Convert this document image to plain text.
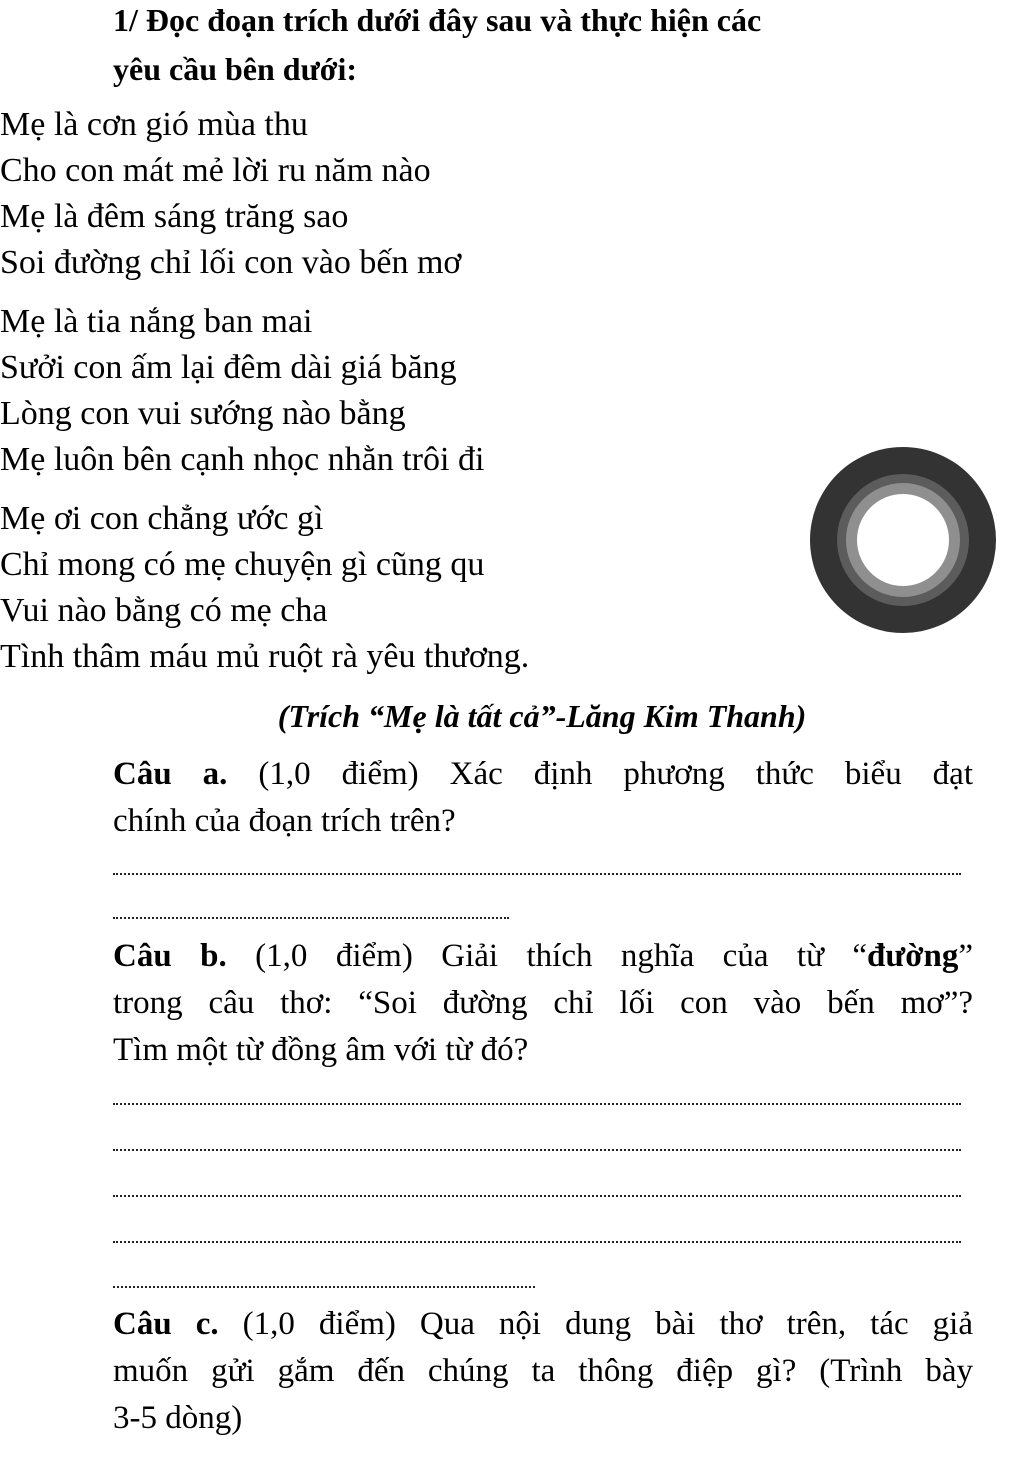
1/ Đọc đoạn trích dưới đây sau và thực hiện các
yêu cầu bên dưới:
Mẹ là cơn gió mùa thu
Cho con mát mẻ lời ru năm nào
Mẹ là đêm sáng trăng sao
Soi đường chỉ lối con vào bến mơ
Mẹ là tia nắng ban mai
Sưởi con ấm lại đêm dài giá băng
Lòng con vui sướng nào bằng
Mẹ luôn bên cạnh nhọc nhằn trôi đi
Mẹ ơi con chẳng ước gì
Chỉ mong có mẹ chuyện gì cũng qu
Vui nào bằng có mẹ cha
Tình thâm máu mủ ruột rà yêu thương.
(Trích “Mẹ là tất cả”-Lăng Kim Thanh)
Câu a. (1,0 điểm) Xác định phương thức biểu đạt
chính của đoạn trích trên?
Câu b. (1,0 điểm) Giải thích nghĩa của từ “đường”
trong câu thơ: “Soi đường chỉ lối con vào bến mơ”?
Tìm một từ đồng âm với từ đó?
Câu c. (1,0 điểm) Qua nội dung bài thơ trên, tác giả
muốn gửi gắm đến chúng ta thông điệp gì? (Trình bày
3-5 dòng)
